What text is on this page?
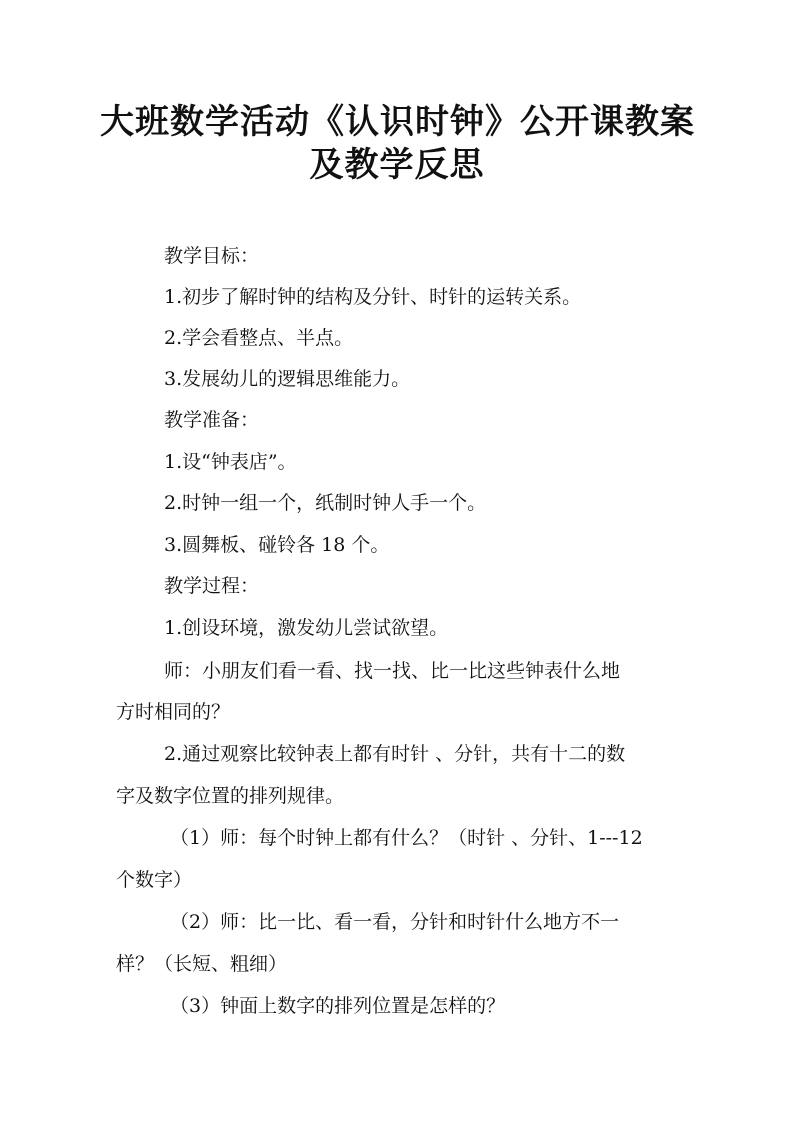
大班数学活动《认识时钟》公开课教案
及教学反思
教学目标：
1.初步了解时钟的结构及分针、时针的运转关系。
2.学会看整点、半点。
3.发展幼儿的逻辑思维能力。
教学准备：
1.设“钟表店”。
2.时钟一组一个，纸制时钟人手一个。
3.圆舞板、碰铃各 18 个。
教学过程：
1.创设环境，激发幼儿尝试欲望。
师：小朋友们看一看、找一找、比一比这些钟表什么地
方时相同的？
2.通过观察比较钟表上都有时针 、分针，共有十二的数
字及数字位置的排列规律。
（1）师：每个时钟上都有什么？（时针 、分针、1---12
个数字）
（2）师：比一比、看一看，分针和时针什么地方不一
样？（长短、粗细）
（3）钟面上数字的排列位置是怎样的？
